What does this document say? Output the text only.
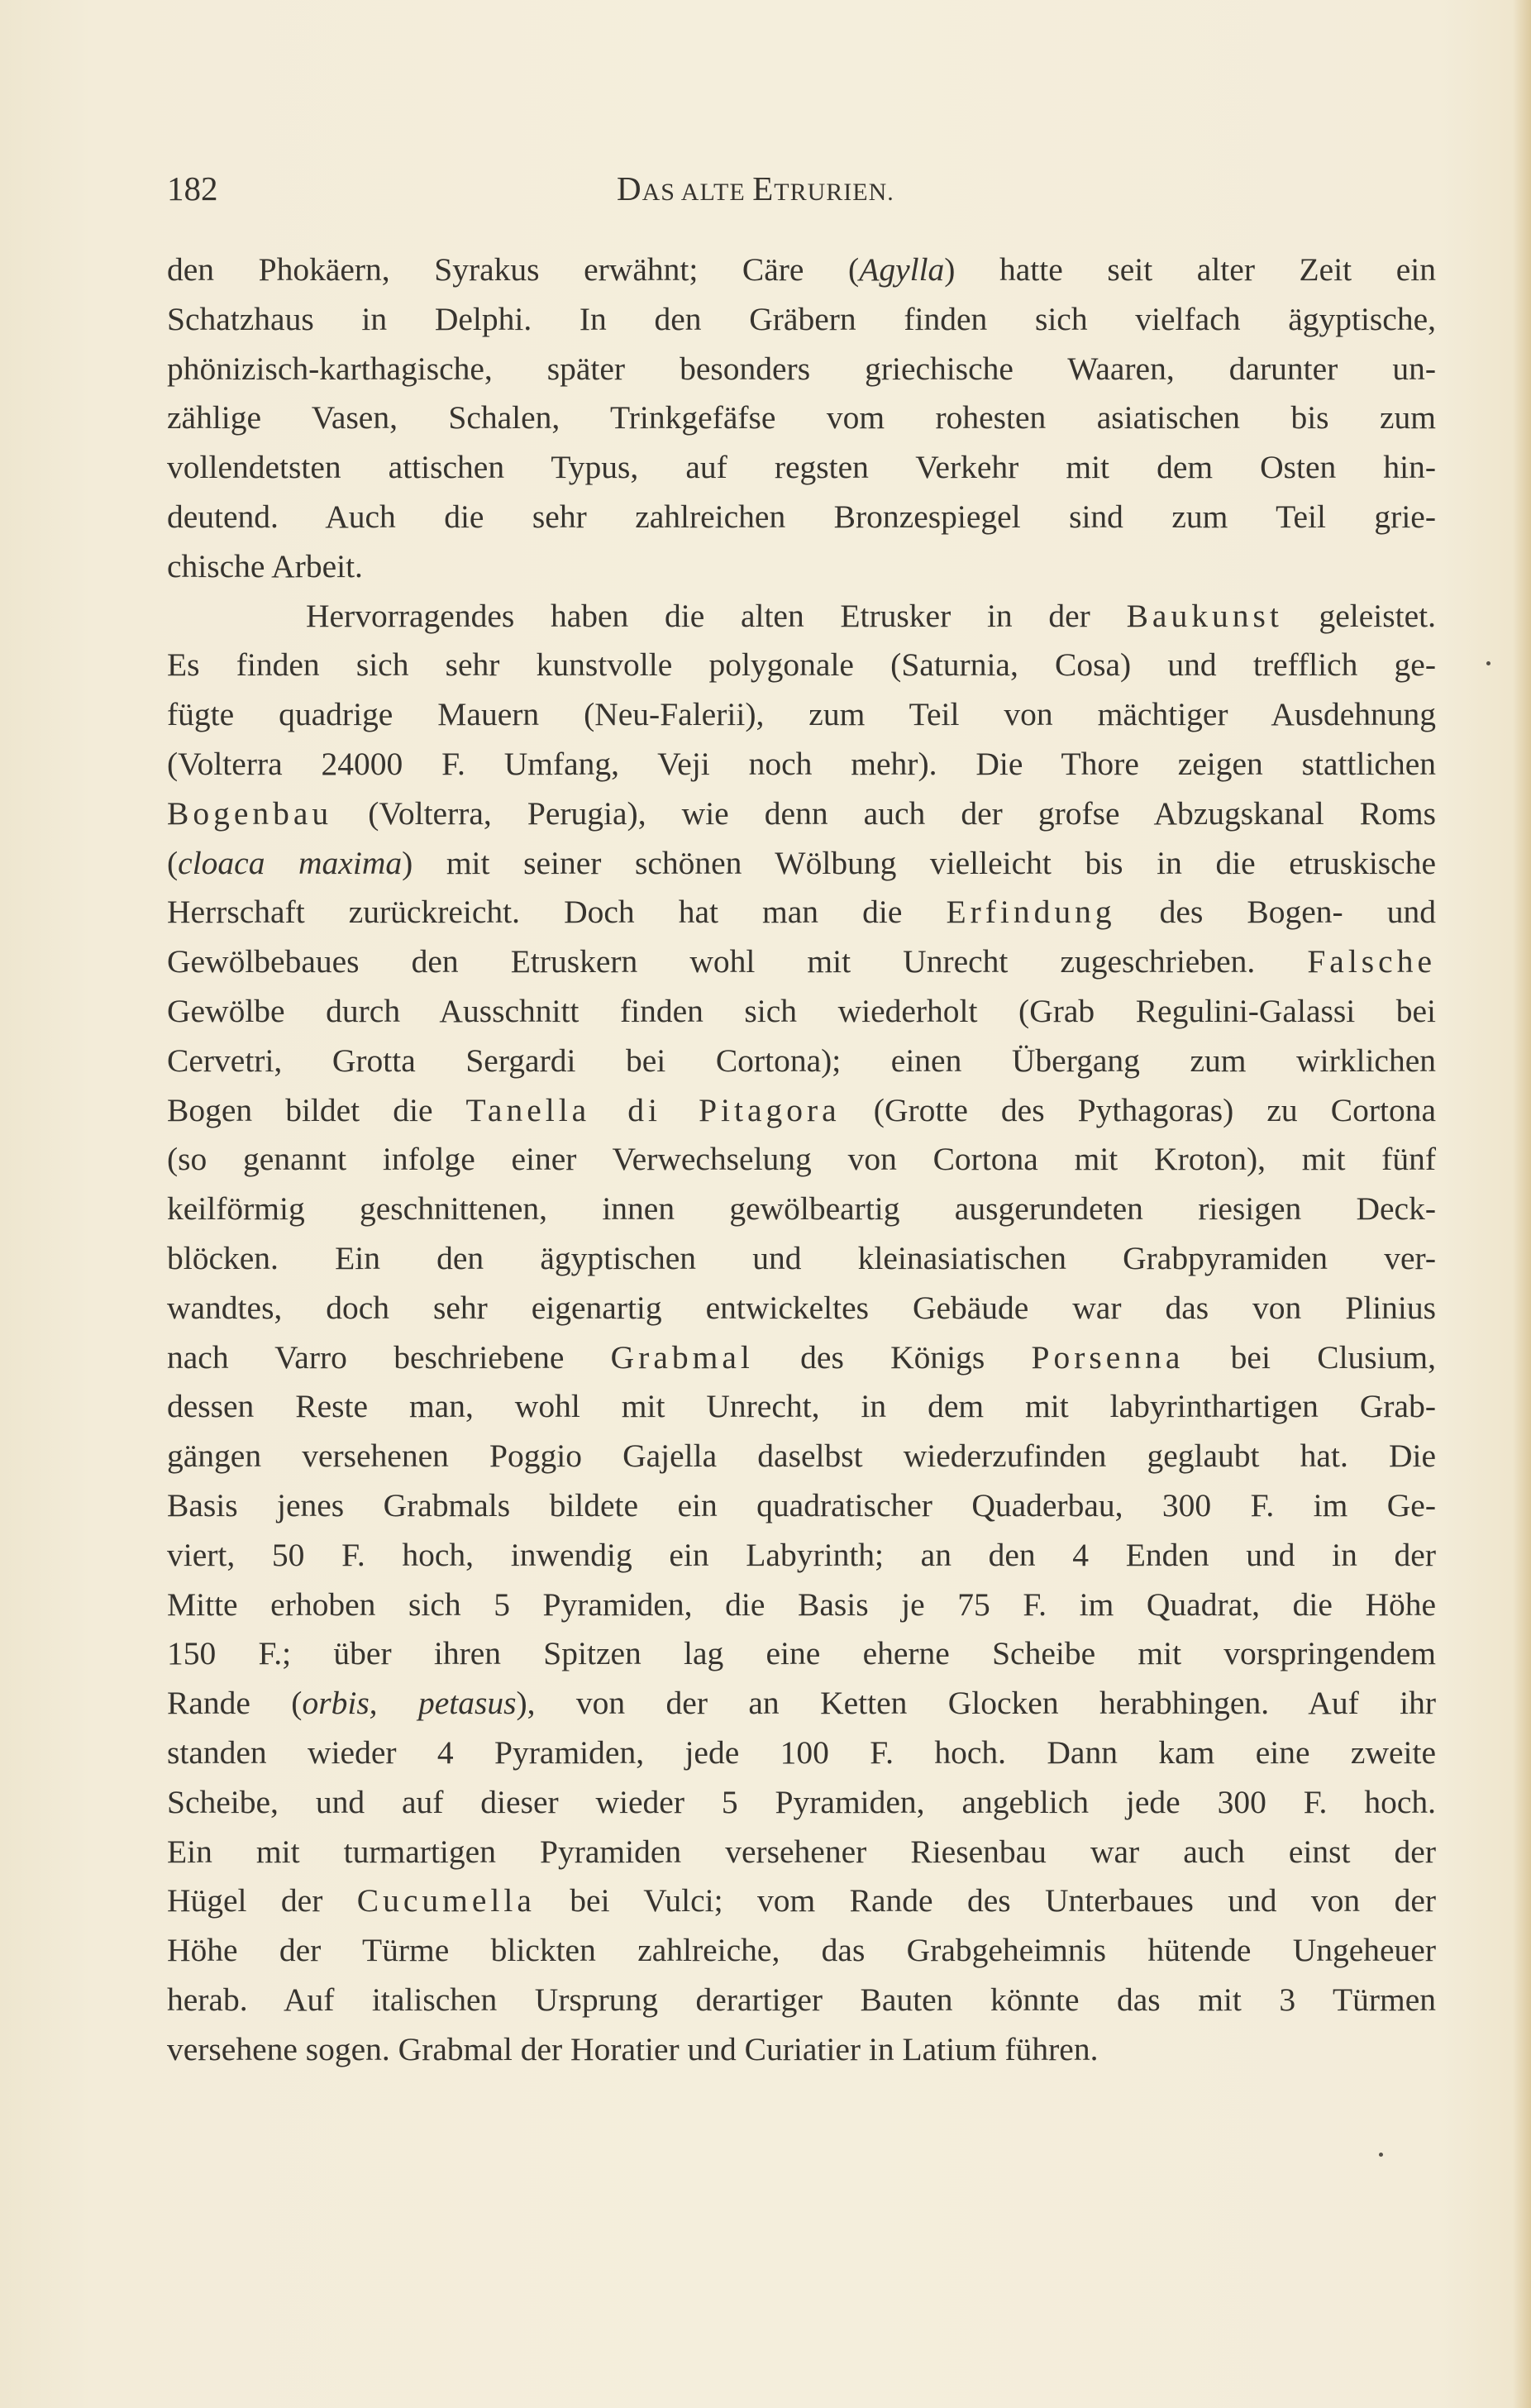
182	DAS ALTE ETRURIEN.
den Phokäern, Syrakus erwähnt; Cäre (Agylla) hatte seit alter Zeit ein
Schatzhaus in Delphi. In den Gräbern finden sich vielfach ägyptische,
phönizisch-karthagische, später besonders griechische Waaren, darunter un-
zählige Vasen, Schalen, Trinkgefäfse vom rohesten asiatischen bis zum
vollendetsten attischen Typus, auf regsten Verkehr mit dem Osten hin-
deutend. Auch die sehr zahlreichen Bronzespiegel sind zum Teil grie-
chische Arbeit.
Hervorragendes haben die alten Etrusker in der Baukunst geleistet.
Es finden sich sehr kunstvolle polygonale (Saturnia, Cosa) und trefflich ge-
fügte quadrige Mauern (Neu-Falerii), zum Teil von mächtiger Ausdehnung
(Volterra 24000 F. Umfang, Veji noch mehr). Die Thore zeigen stattlichen
Bogenbau (Volterra, Perugia), wie denn auch der grofse Abzugskanal Roms
(cloaca maxima) mit seiner schönen Wölbung vielleicht bis in die etruskische
Herrschaft zurückreicht. Doch hat man die Erfindung des Bogen- und
Gewölbebaues den Etruskern wohl mit Unrecht zugeschrieben. Falsche
Gewölbe durch Ausschnitt finden sich wiederholt (Grab Regulini-Galassi bei
Cervetri, Grotta Sergardi bei Cortona); einen Übergang zum wirklichen
Bogen bildet die Tanella di Pitagora (Grotte des Pythagoras) zu Cortona
(so genannt infolge einer Verwechselung von Cortona mit Kroton), mit fünf
keilförmig geschnittenen, innen gewölbeartig ausgerundeten riesigen Deck-
blöcken. Ein den ägyptischen und kleinasiatischen Grabpyramiden ver-
wandtes, doch sehr eigenartig entwickeltes Gebäude war das von Plinius
nach Varro beschriebene Grabmal des Königs Porsenna bei Clusium,
dessen Reste man, wohl mit Unrecht, in dem mit labyrinthartigen Grab-
gängen versehenen Poggio Gajella daselbst wiederzufinden geglaubt hat. Die
Basis jenes Grabmals bildete ein quadratischer Quaderbau, 300 F. im Ge-
viert, 50 F. hoch, inwendig ein Labyrinth; an den 4 Enden und in der
Mitte erhoben sich 5 Pyramiden, die Basis je 75 F. im Quadrat, die Höhe
150 F.; über ihren Spitzen lag eine eherne Scheibe mit vorspringendem
Rande (orbis, petasus), von der an Ketten Glocken herabhingen. Auf ihr
standen wieder 4 Pyramiden, jede 100 F. hoch. Dann kam eine zweite
Scheibe, und auf dieser wieder 5 Pyramiden, angeblich jede 300 F. hoch.
Ein mit turmartigen Pyramiden versehener Riesenbau war auch einst der
Hügel der Cucumella bei Vulci; vom Rande des Unterbaues und von der
Höhe der Türme blickten zahlreiche, das Grabgeheimnis hütende Ungeheuer
herab. Auf italischen Ursprung derartiger Bauten könnte das mit 3 Türmen
versehene sogen. Grabmal der Horatier und Curiatier in Latium führen.
